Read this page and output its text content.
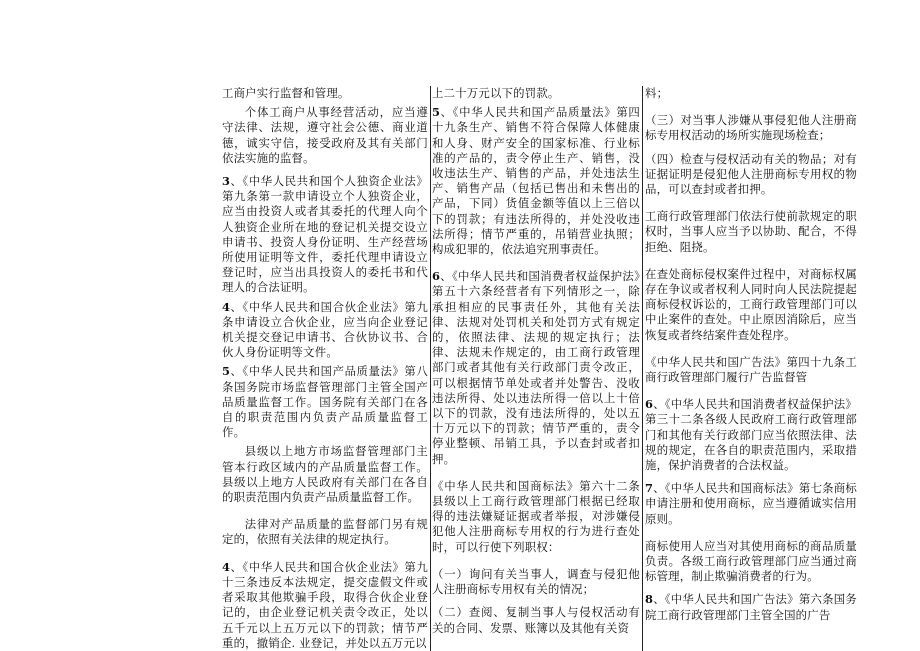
工商户实行监督和管理。

个体工商户从事经营活动，应当遵守法律、法规，遵守社会公德、商业道德，诚实守信，接受政府及其有关部门依法实施的监督。

3、《中华人民共和国个人独资企业法》第九条第一款申请设立个人独资企业，应当由投资人或者其委托的代理人向个人独资企业所在地的登记机关提交设立申请书、投资人身份证明、生产经营场所使用证明等文件，委托代理申请设立登记时，应当出具投资人的委托书和代理人的合法证明。

4、《中华人民共和国合伙企业法》第九条申请设立合伙企业，应当向企业登记机关提交登记申请书、合伙协议书、合伙人身份证明等文件。

5、《中华人民共和国产品质量法》第八条国务院市场监督管理部门主管全国产品质量监督工作。国务院有关部门在各自的职责范围内负责产品质量监督工作。

县级以上地方市场监督管理部门主管本行政区域内的产品质量监督工作。县级以上地方人民政府有关部门在各自的职责范围内负责产品质量监督工作。

法律对产品质量的监督部门另有规定的，依照有关法律的规定执行。

4、《中华人民共和国合伙企业法》第九十三条违反本法规定，提交虚假文件或者采取其他欺骗手段，取得合伙企业登记的，由企业登记机关责令改正，处以五千元以上五万元以下的罚款；情节严重的，撤销企. 业登记，并处以五万元以

上二十万元以下的罚款。

5、《中华人民共和国产品质量法》第四十九条生产、销售不符合保障人体健康和人身、财产安全的国家标准、行业标准的产品的，责令停止生产、销售，没收违法生产、销售的产品，并处违法生产、销售产品（包括已售出和未售出的产品，下同）货值金额等值以上三倍以下的罚款；有违法所得的，并处没收违法所得；情节严重的，吊销营业执照；构成犯罪的，依法追究刑事责任。

6、《中华人民共和国消费者权益保护法》第五十六条经营者有下列情形之一，除承担相应的民事责任外，其他有关法律、法规对处罚机关和处罚方式有规定的，依照法律、法规的规定执行；法律、法规未作规定的，由工商行政管理部门或者其他有关行政部门责令改正，可以根据情节单处或者并处警告、没收违法所得、处以违法所得一倍以上十倍以下的罚款，没有违法所得的，处以五十万元以下的罚款；情节严重的，责令停业整顿、吊销工具，予以查封或者扣押。

《中华人民共和国商标法》第六十二条县级以上工商行政管理部门根据已经取得的违法嫌疑证据或者举报，对涉嫌侵犯他人注册商标专用权的行为进行查处时，可以行使下列职权：

（一）询问有关当事人，调查与侵犯他人注册商标专用权有关的情况；

（二）查阅、复制当事人与侵权活动有关的合同、发票、账簿以及其他有关资

料；

（三）对当事人涉嫌从事侵犯他人注册商标专用权活动的场所实施现场检查；

（四）检查与侵权活动有关的物品；对有证据证明是侵犯他人注册商标专用权的物品，可以查封或者扣押。

工商行政管理部门依法行使前款规定的职权时，当事人应当予以协助、配合，不得拒绝、阻挠。

在查处商标侵权案件过程中，对商标权属存在争议或者权利人同时向人民法院提起商标侵权诉讼的，工商行政管理部门可以中止案件的查处。中止原因消除后，应当恢复或者终结案件查处程序。

《中华人民共和国广告法》第四十九条工商行政管理部门履行广告监督管

6、《中华人民共和国消费者权益保护法》第三十二条各级人民政府工商行政管理部门和其他有关行政部门应当依照法律、法规的规定，在各自的职责范围内，采取措施，保护消费者的合法权益。

7、《中华人民共和国商标法》第七条商标申请注册和使用商标，应当遵循诚实信用原则。

商标使用人应当对其使用商标的商品质量负责。各级工商行政管理部门应当通过商标管理，制止欺骗消费者的行为。

8、《中华人民共和国广告法》第六条国务院工商行政管理部门主管全国的广告
